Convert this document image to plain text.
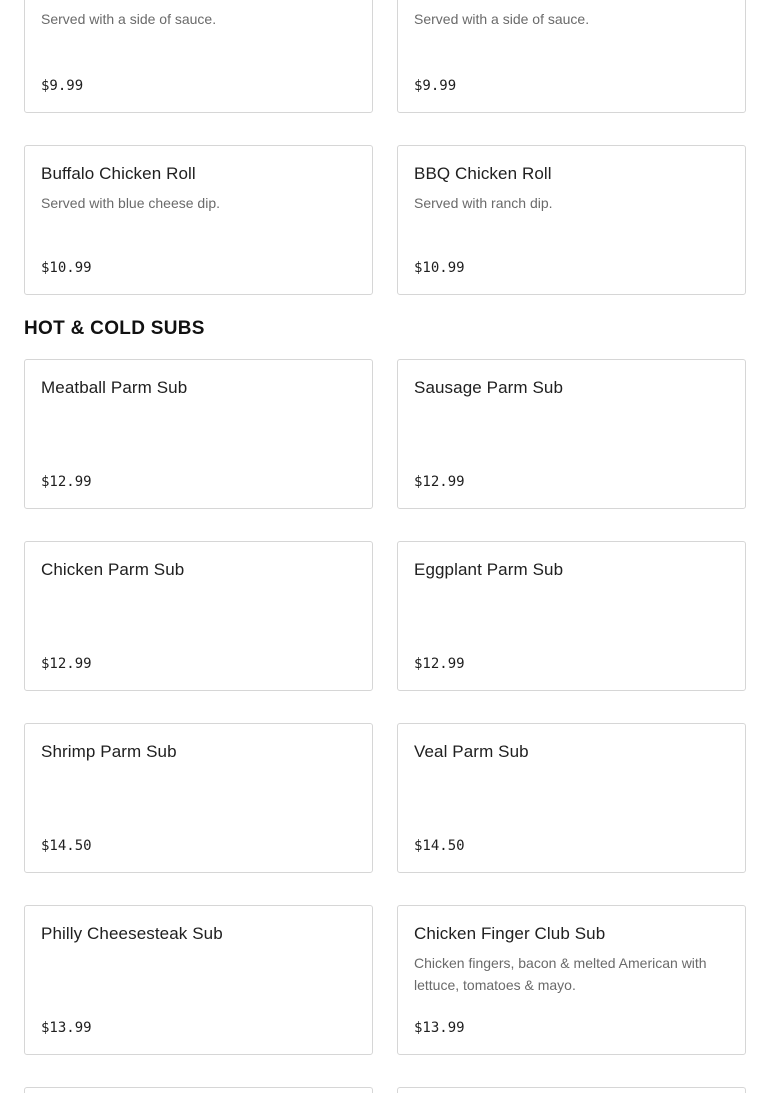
Served with a side of sauce.
$9.99
Served with a side of sauce.
$9.99
Buffalo Chicken Roll
Served with blue cheese dip.
$10.99
BBQ Chicken Roll
Served with ranch dip.
$10.99
HOT & COLD SUBS
Meatball Parm Sub
$12.99
Sausage Parm Sub
$12.99
Chicken Parm Sub
$12.99
Eggplant Parm Sub
$12.99
Shrimp Parm Sub
$14.50
Veal Parm Sub
$14.50
Philly Cheesesteak Sub
$13.99
Chicken Finger Club Sub
Chicken fingers, bacon & melted American with lettuce, tomatoes & mayo.
$13.99
